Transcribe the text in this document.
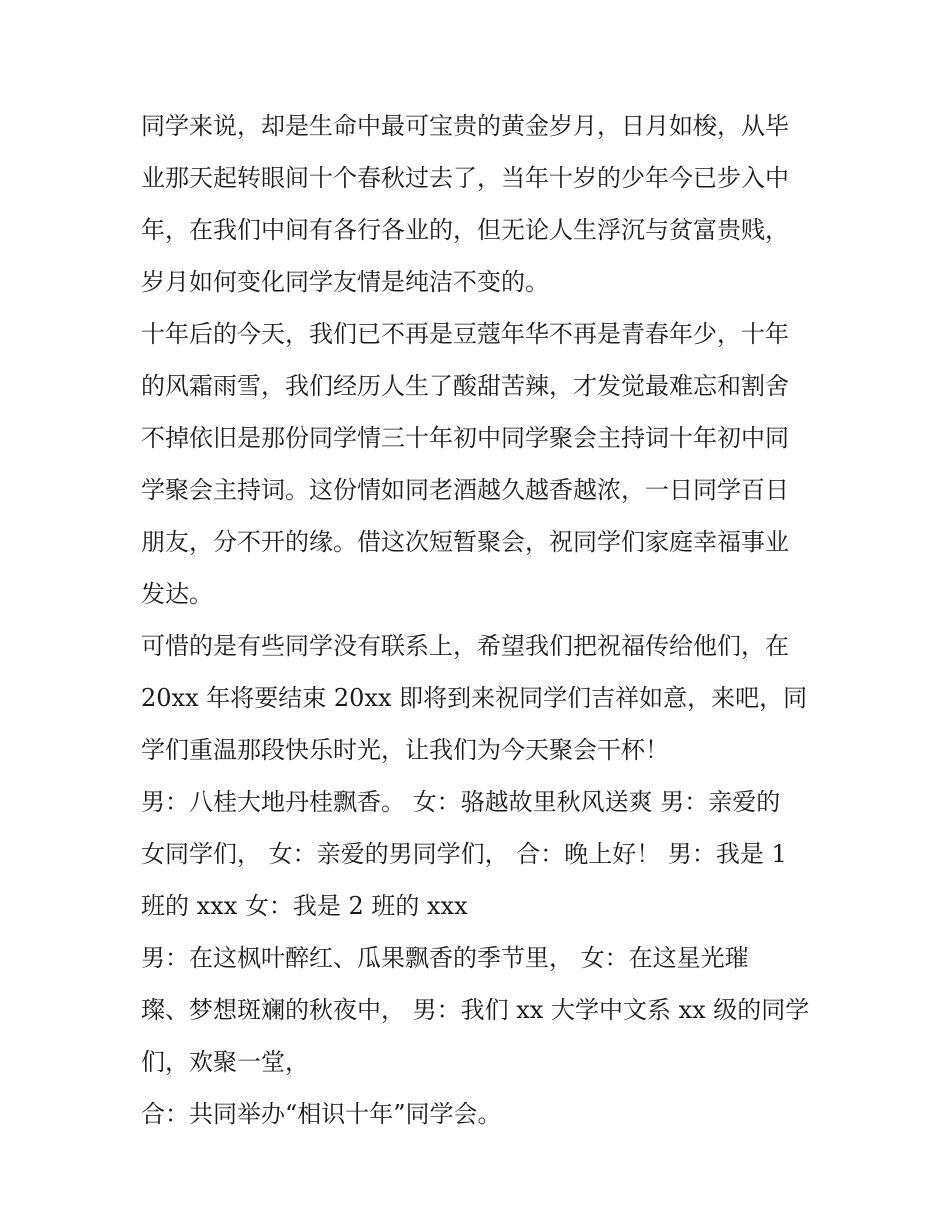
同学来说，却是生命中最可宝贵的黄金岁月，日月如梭，从毕
业那天起转眼间十个春秋过去了，当年十岁的少年今已步入中
年，在我们中间有各行各业的，但无论人生浮沉与贫富贵贱，
岁月如何变化同学友情是纯洁不变的。
十年后的今天，我们已不再是豆蔻年华不再是青春年少，十年
的风霜雨雪，我们经历人生了酸甜苦辣，才发觉最难忘和割舍
不掉依旧是那份同学情三十年初中同学聚会主持词十年初中同
学聚会主持词。这份情如同老酒越久越香越浓，一日同学百日
朋友，分不开的缘。借这次短暂聚会，祝同学们家庭幸福事业
发达。
可惜的是有些同学没有联系上，希望我们把祝福传给他们，在
20xx 年将要结束 20xx 即将到来祝同学们吉祥如意，来吧，同
学们重温那段快乐时光，让我们为今天聚会干杯！
男：八桂大地丹桂飘香。 女：骆越故里秋风送爽 男：亲爱的
女同学们， 女：亲爱的男同学们， 合：晚上好！ 男：我是 1
班的 xxx 女：我是 2 班的 xxx
男：在这枫叶醉红、瓜果飘香的季节里， 女：在这星光璀
璨、梦想斑斓的秋夜中， 男：我们 xx 大学中文系 xx 级的同学
们，欢聚一堂，
合：共同举办“相识十年”同学会。
